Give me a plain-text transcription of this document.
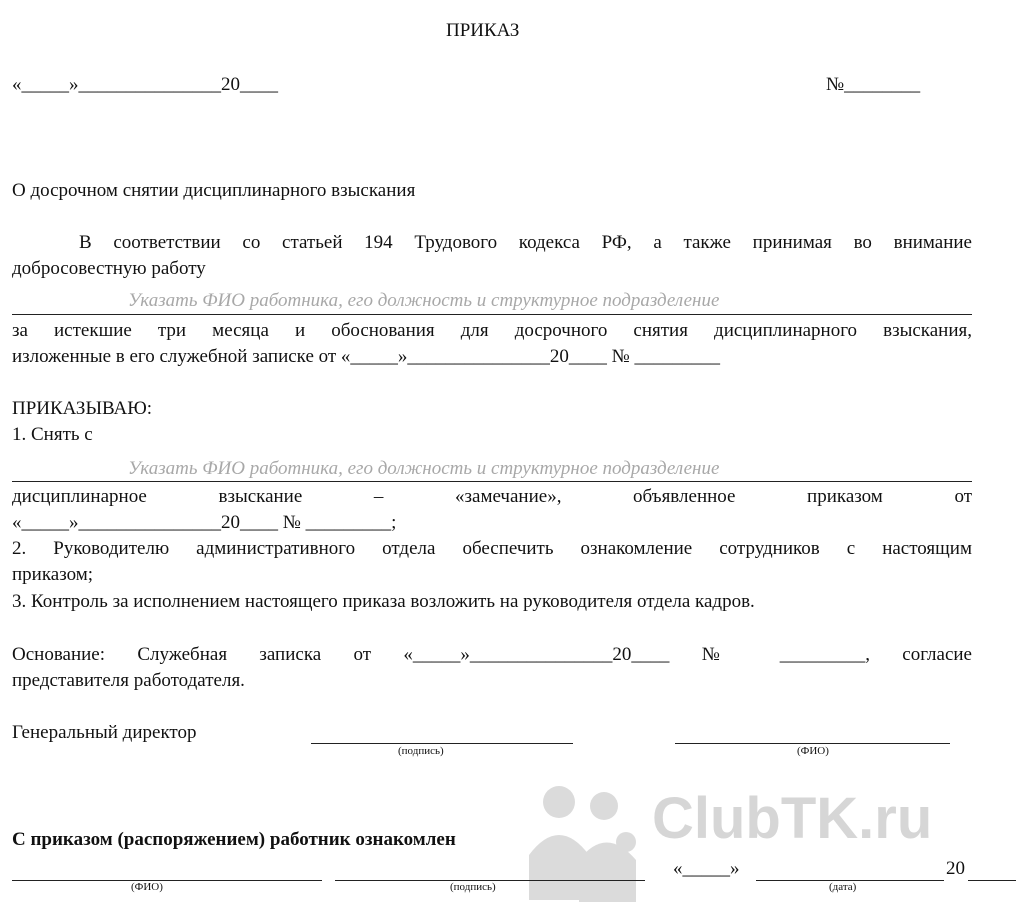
ПРИКАЗ
«_____»_______________20____	№________
О досрочном снятии дисциплинарного взыскания
В соответствии со статьей 194 Трудового кодекса РФ, а также принимая во внимание
добросовестную работу
Указать ФИО работника, его должность и структурное подразделение
за истекшие три месяца и обоснования для досрочного снятия дисциплинарного взыскания,
изложенные в его служебной записке от «_____»_______________20____ № _________
ПРИКАЗЫВАЮ:
1. Снять с
Указать ФИО работника, его должность и структурное подразделение
дисциплинарное взыскание – «замечание», объявленное приказом от
«_____»_______________20____ № _________;
2. Руководителю административного отдела обеспечить ознакомление сотрудников с настоящим
приказом;
3. Контроль за исполнением настоящего приказа возложить на руководителя отдела кадров.
Основание: Служебная записка от «_____»_______________20____ № _________, согласие
представителя работодателя.
Генеральный директор
(подпись)	(ФИО)
ClubTK.ru
С приказом (распоряжением) работник ознакомлен
(ФИО)	(подпись)
«_____»
(дата)
20
